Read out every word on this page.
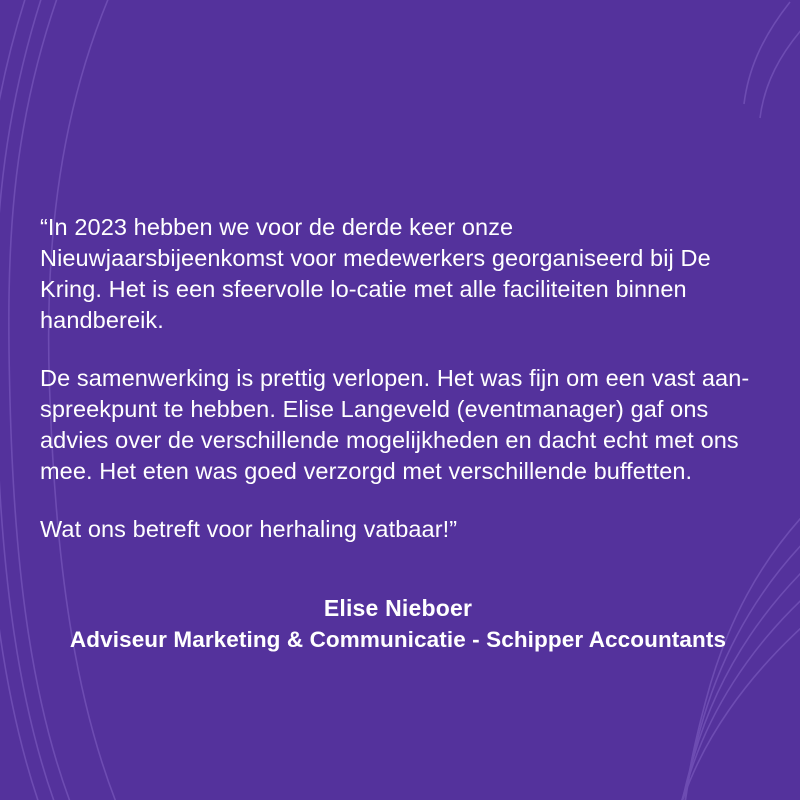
“In 2023 hebben we voor de derde keer onze Nieuwjaarsbijeenkomst voor medewerkers georganiseerd bij De Kring. Het is een sfeervolle lo-catie met alle faciliteiten binnen handbereik.

De samenwerking is prettig verlopen. Het was fijn om een vast aan-spreekpunt te hebben. Elise Langeveld (eventmanager) gaf ons advies over de verschillende mogelijkheden en dacht echt met ons mee. Het eten was goed verzorgd met verschillende buffetten.

Wat ons betreft voor herhaling vatbaar!”

Elise Nieboer
Adviseur Marketing & Communicatie - Schipper Accountants
